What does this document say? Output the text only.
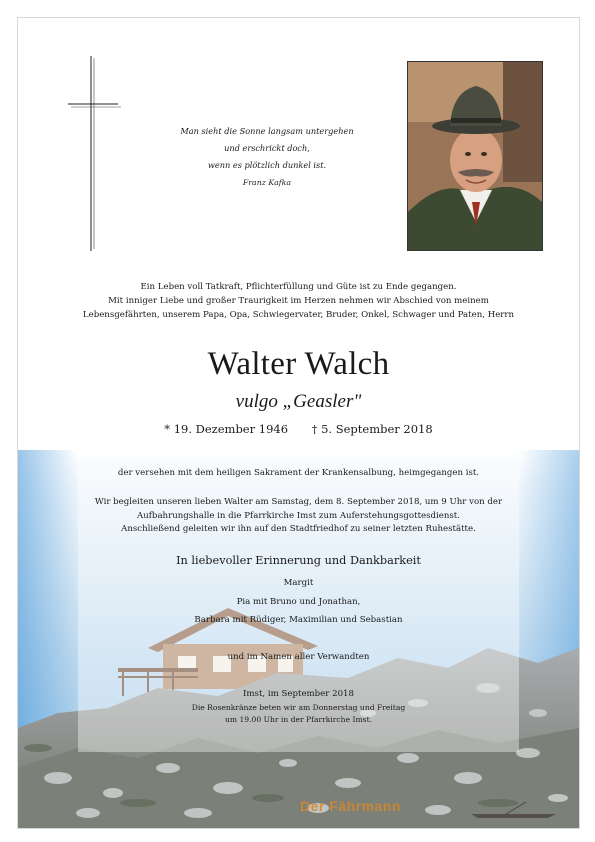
Man sieht die Sonne langsam untergehen
und erschrickt doch,
wenn es plötzlich dunkel ist.
Franz Kafka
Ein Leben voll Tatkraft, Pflichterfüllung und Güte ist zu Ende gegangen.
Mit inniger Liebe und großer Traurigkeit im Herzen nehmen wir Abschied von meinem
Lebensgefährten, unserem Papa, Opa, Schwiegervater, Bruder, Onkel, Schwager und Paten, Herrn
Walter Walch
vulgo „Geasler"
* 19. Dezember 1946 † 5. September 2018
der versehen mit dem heiligen Sakrament der Krankensalbung, heimgegangen ist.
Wir begleiten unseren lieben Walter am Samstag, dem 8. September 2018, um 9 Uhr von der
Aufbahrungshalle in die Pfarrkirche Imst zum Auferstehungsgottesdienst.
Anschließend geleiten wir ihn auf den Stadtfriedhof zu seiner letzten Ruhestätte.
In liebevoller Erinnerung und Dankbarkeit
Margit
Pia mit Bruno und Jonathan,
Barbara mit Rüdiger, Maximilian und Sebastian

und im Namen aller Verwandten

Imst, im September 2018
Die Rosenkränze beten wir am Donnerstag und Freitag
um 19.00 Uhr in der Pfarrkirche Imst.
Der Fährmann
